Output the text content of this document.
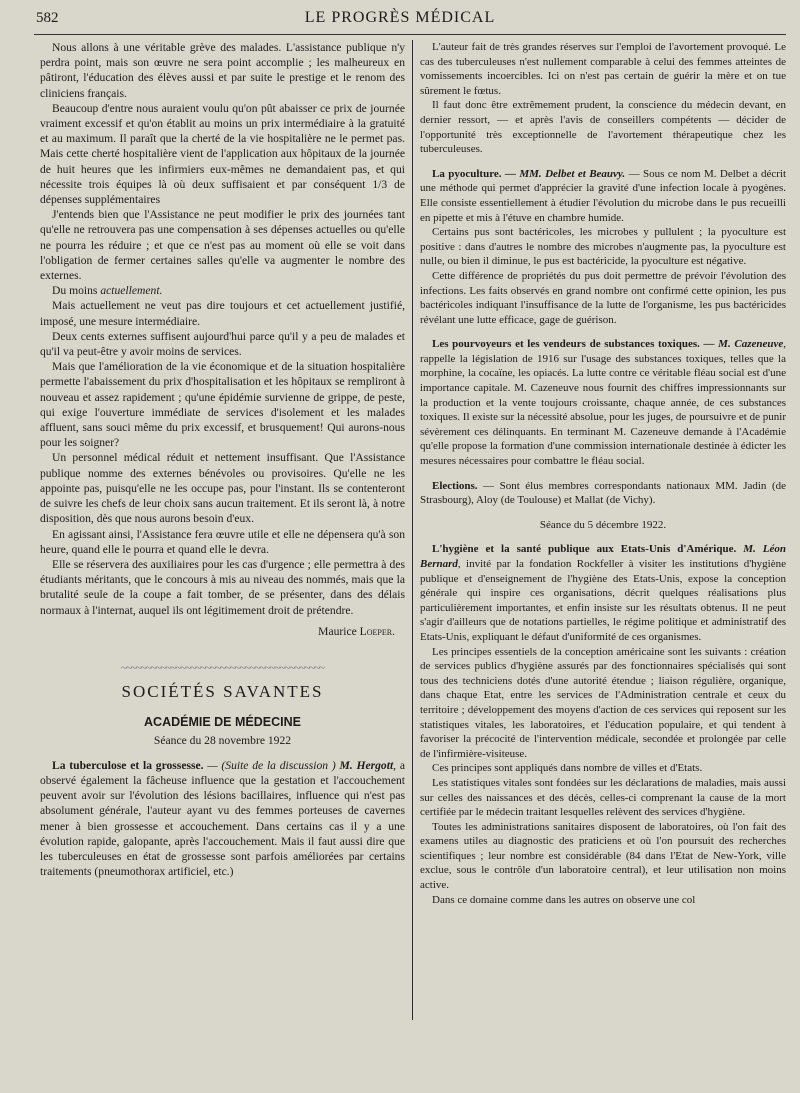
582	LE PROGRÈS MÉDICAL

Nous allons à une véritable grève des malades. L'assistance publique n'y perdra point, mais son œuvre ne sera point accomplie ; les malheureux en pâtiront, l'éducation des élèves aussi et par suite le prestige et le renom des cliniciens français.

Beaucoup d'entre nous auraient voulu qu'on pût abaisser ce prix de journée vraiment excessif et qu'on établit au moins un prix intermédiaire à la gratuité et au maximum. Il paraît que la cherté de la vie hospitalière ne le permet pas. Mais cette cherté hospitalière vient de l'application aux hôpitaux de la journée de huit heures que les infirmiers eux-mêmes ne demandaient pas, et qui nécessite trois équipes là où deux suffisaient et par conséquent 1/3 de dépenses supplémentaires

J'entends bien que l'Assistance ne peut modifier le prix des journées tant qu'elle ne retrouvera pas une compensation à ses dépenses actuelles ou qu'elle ne pourra les réduire ; et que ce n'est pas au moment où elle se voit dans l'obligation de fermer certaines salles qu'elle va augmenter le nombre des externes.

Du moins actuellement.

Mais actuellement ne veut pas dire toujours et cet actuellement justifié, imposé, une mesure intermédiaire.

Deux cents externes suffisent aujourd'hui parce qu'il y a peu de malades et qu'il va peut-être y avoir moins de services.

Mais que l'amélioration de la vie économique et de la situation hospitalière permette l'abaissement du prix d'hospitalisation et les hôpitaux se rempliront à nouveau et assez rapidement ; qu'une épidémie survienne de grippe, de peste, qui exige l'ouverture immédiate de services d'isolement et les malades affluent, sans souci même du prix excessif, et brusquement! Qui aurons-nous pour les soigner?

Un personnel médical réduit et nettement insuffisant. Que l'Assistance publique nomme des externes bénévoles ou provisoires. Qu'elle ne les appointe pas, puisqu'elle ne les occupe pas, pour l'instant. Ils se contenteront de suivre les chefs de leur choix sans aucun traitement. Et ils seront là, à notre disposition, dès que nous aurons besoin d'eux.

En agissant ainsi, l'Assistance fera œuvre utile et elle ne dépensera qu'à son heure, quand elle le pourra et quand elle le devra.

Elle se réservera des auxiliaires pour les cas d'urgence ; elle permettra à des étudiants méritants, que le concours à mis au niveau des nommés, mais que la brutalité seule de la coupe a fait tomber, de se présenter, dans des délais normaux à l'internat, auquel ils ont légitimement droit de prétendre.

Maurice Loeper.
~~~~~~~~~~~~~~~~~~~~~~~~~~~~~~~~~~~~~~~~~
SOCIÉTÉS SAVANTES
ACADÉMIE DE MÉDECINE

Séance du 28 novembre 1922

La tuberculose et la grossesse. — (Suite de la discussion ) M. Hergott, a observé également la fâcheuse influence que la gestation et l'accouchement peuvent avoir sur l'évolution des lésions bacillaires, influence qui n'est pas absolument générale, l'auteur ayant vu des femmes porteuses de cavernes mener à bien grossesse et accouchement. Dans certains cas il y a une évolution rapide, galopante, après l'accouchement. Mais il faut aussi dire que les tuberculeuses en état de grossesse sont parfois améliorées par certains traitements (pneumothorax artificiel, etc.)

L'auteur fait de très grandes réserves sur l'emploi de l'avortement provoqué. Le cas des tuberculeuses n'est nullement comparable à celui des femmes atteintes de vomissements incoercibles. Ici on n'est pas certain de guérir la mère et on tue sûrement le fœtus.

Il faut donc être extrêmement prudent, la conscience du médecin devant, en dernier ressort, — et après l'avis de conseillers compétents — décider de l'opportunité très exceptionnelle de l'avortement thérapeutique chez les tuberculeuses.

La pyoculture. — MM. Delbet et Beauvy. — Sous ce nom M. Delbet a décrit une méthode qui permet d'apprécier la gravité d'une infection locale à pyogènes. Elle consiste essentiellement à étudier l'évolution du microbe dans le pus recueilli en pipette et mis à l'étuve en chambre humide.

Certains pus sont bactéricoles, les microbes y pullulent ; la pyoculture est positive : dans d'autres le nombre des microbes n'augmente pas, la pyoculture est nulle, ou bien il diminue, le pus est bactéricide, la pyoculture est négative.

Cette différence de propriétés du pus doit permettre de prévoir l'évolution des infections. Les faits observés en grand nombre ont confirmé cette opinion, les pus bactéricoles indiquant l'insuffisance de la lutte de l'organisme, les pus bactéricides révélant une lutte efficace, gage de guérison.

Les pourvoyeurs et les vendeurs de substances toxiques. — M. Cazeneuve, rappelle la législation de 1916 sur l'usage des substances toxiques, telles que la morphine, la cocaïne, les opiacés. La lutte contre ce véritable fléau social est d'une importance capitale. M. Cazeneuve nous fournit des chiffres impressionnants sur la production et la vente toujours croissante, chaque année, de ces substances toxiques. Il existe sur la nécessité absolue, pour les juges, de poursuivre et de punir sévèrement ces délinquants. En terminant M. Cazeneuve demande à l'Académie qu'elle propose la formation d'une commission internationale destinée à édicter les mesures nécessaires pour combattre le fléau social.

Elections. — Sont élus membres correspondants nationaux MM. Jadin (de Strasbourg), Aloy (de Toulouse) et Mallat (de Vichy).

Séance du 5 décembre 1922.

L'hygiène et la santé publique aux Etats-Unis d'Amérique. M. Léon Bernard, invité par la fondation Rockfeller à visiter les institutions d'hygiène publique et d'enseignement de l'hygiène des Etats-Unis, expose la conception générale qui inspire ces organisations, décrit quelques réalisations plus particulièrement importantes, et enfin insiste sur les résultats obtenus. Il ne peut s'agir d'ailleurs que de notations partielles, le régime politique et administratif des Etats-Unis, expliquant le défaut d'uniformité de ces organismes.

Les principes essentiels de la conception américaine sont les suivants : création de services publics d'hygiène assurés par des fonctionnaires spécialisés qui sont tous des techniciens dotés d'une autorité étendue ; liaison régulière, organique, dans chaque Etat, entre les services de l'Administration centrale et ceux du territoire ; développement des moyens d'action de ces services qui reposent sur les statistiques vitales, les laboratoires, et l'éducation populaire, et qui tendent à favoriser la précocité de l'intervention médicale, secondée et prolongée par celle de l'infirmière-visiteuse.

Ces principes sont appliqués dans nombre de villes et d'Etats.

Les statistiques vitales sont fondées sur les déclarations de maladies, mais aussi sur celles des naissances et des décès, celles-ci comprenant la cause de la mort certifiée par le médecin traitant lesquelles relèvent des services d'hygiène.

Toutes les administrations sanitaires disposent de laboratoires, où l'on fait des examens utiles au diagnostic des praticiens et où l'on poursuit des recherches scientifiques ; leur nombre est considérable (84 dans l'Etat de New-York, ville exclue, sous le contrôle d'un laboratoire central), et leur utilisation non moins active.

Dans ce domaine comme dans les autres on observe une col
